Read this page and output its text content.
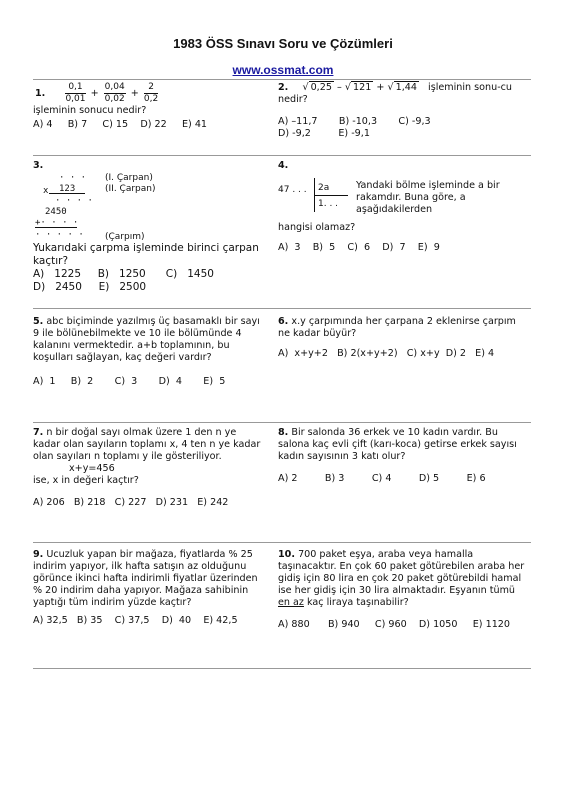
1983 ÖSS Sınavı Soru ve Çözümleri
www.ossmat.com
1. $\frac{0,1}{0,01} + \frac{0,04}{0,02} + \frac{2}{0,2}$
işleminin sonucu nedir?
A) 4     B) 7     C) 15    D) 22     E) 41
2. √ 0,25 – √ 121 + √ 1,44 işleminin sonu-cu nedir?
A) –11,7       B) -10,3       C) -9,3
D) -9,2         E) -9,1
3.
· · · (I. Çarpan)
x 123	(II. Çarpan)
· · · ·
2450
+· · · ·
· · · · · (Çarpım)
Yukarıdaki çarpma işleminde birinci çarpan kaçtır?
A)   1225     B)   1250      C)   1450
D)   2450     E)   2500
4.
47 . . . 2a
1. . .
Yandaki bölme işleminde a bir rakamdır. Buna göre, a aşağıdakilerden
hangisi olamaz?
A)  3    B)  5    C)  6    D)  7    E)  9
5. abc biçiminde yazılmış üç basamaklı bir sayı 9 ile bölünebilmekte ve 10 ile bölümünde 4 kalanını vermektedir. a+b toplamının, bu koşulları sağlayan, kaç değeri vardır?
A)  1     B)  2       C)  3       D)  4       E)  5
6. x.y çarpımında her çarpana 2 eklenirse çarpım ne kadar büyür?
A)  x+y+2   B) 2(x+y+2)   C) x+y  D) 2   E) 4
7. n bir doğal sayı olmak üzere 1 den n ye kadar olan sayıların toplamı x, 4 ten n ye kadar olan sayıları n toplamı y ile gösteriliyor.
x+y=456
ise, x in değeri kaçtır?
A) 206   B) 218   C) 227   D) 231   E) 242
8. Bir salonda 36 erkek ve 10 kadın vardır. Bu salona kaç evli çift (karı-koca) getirse erkek sayısı kadın sayısının 3 katı olur?
A) 2         B) 3         C) 4         D) 5         E) 6
9. Ucuzluk yapan bir mağaza, fiyatlarda % 25 indirim yapıyor, ilk hafta satışın az olduğunu görünce ikinci hafta indirimli fiyatlar üzerinden % 20 indirim daha yapıyor. Mağaza sahibinin yaptığı tüm indirim yüzde kaçtır?
A) 32,5   B) 35    C) 37,5    D)  40    E) 42,5
10. 700 paket eşya, araba veya hamalla taşınacaktır. En çok 60 paket götürebilen araba her gidiş için 80 lira en çok 20 paket götürebildi hamal ise her gidiş için 30 lira almaktadır. Eşyanın tümü en az kaç liraya taşınabilir?
A) 880      B) 940     C) 960    D) 1050     E) 1120
